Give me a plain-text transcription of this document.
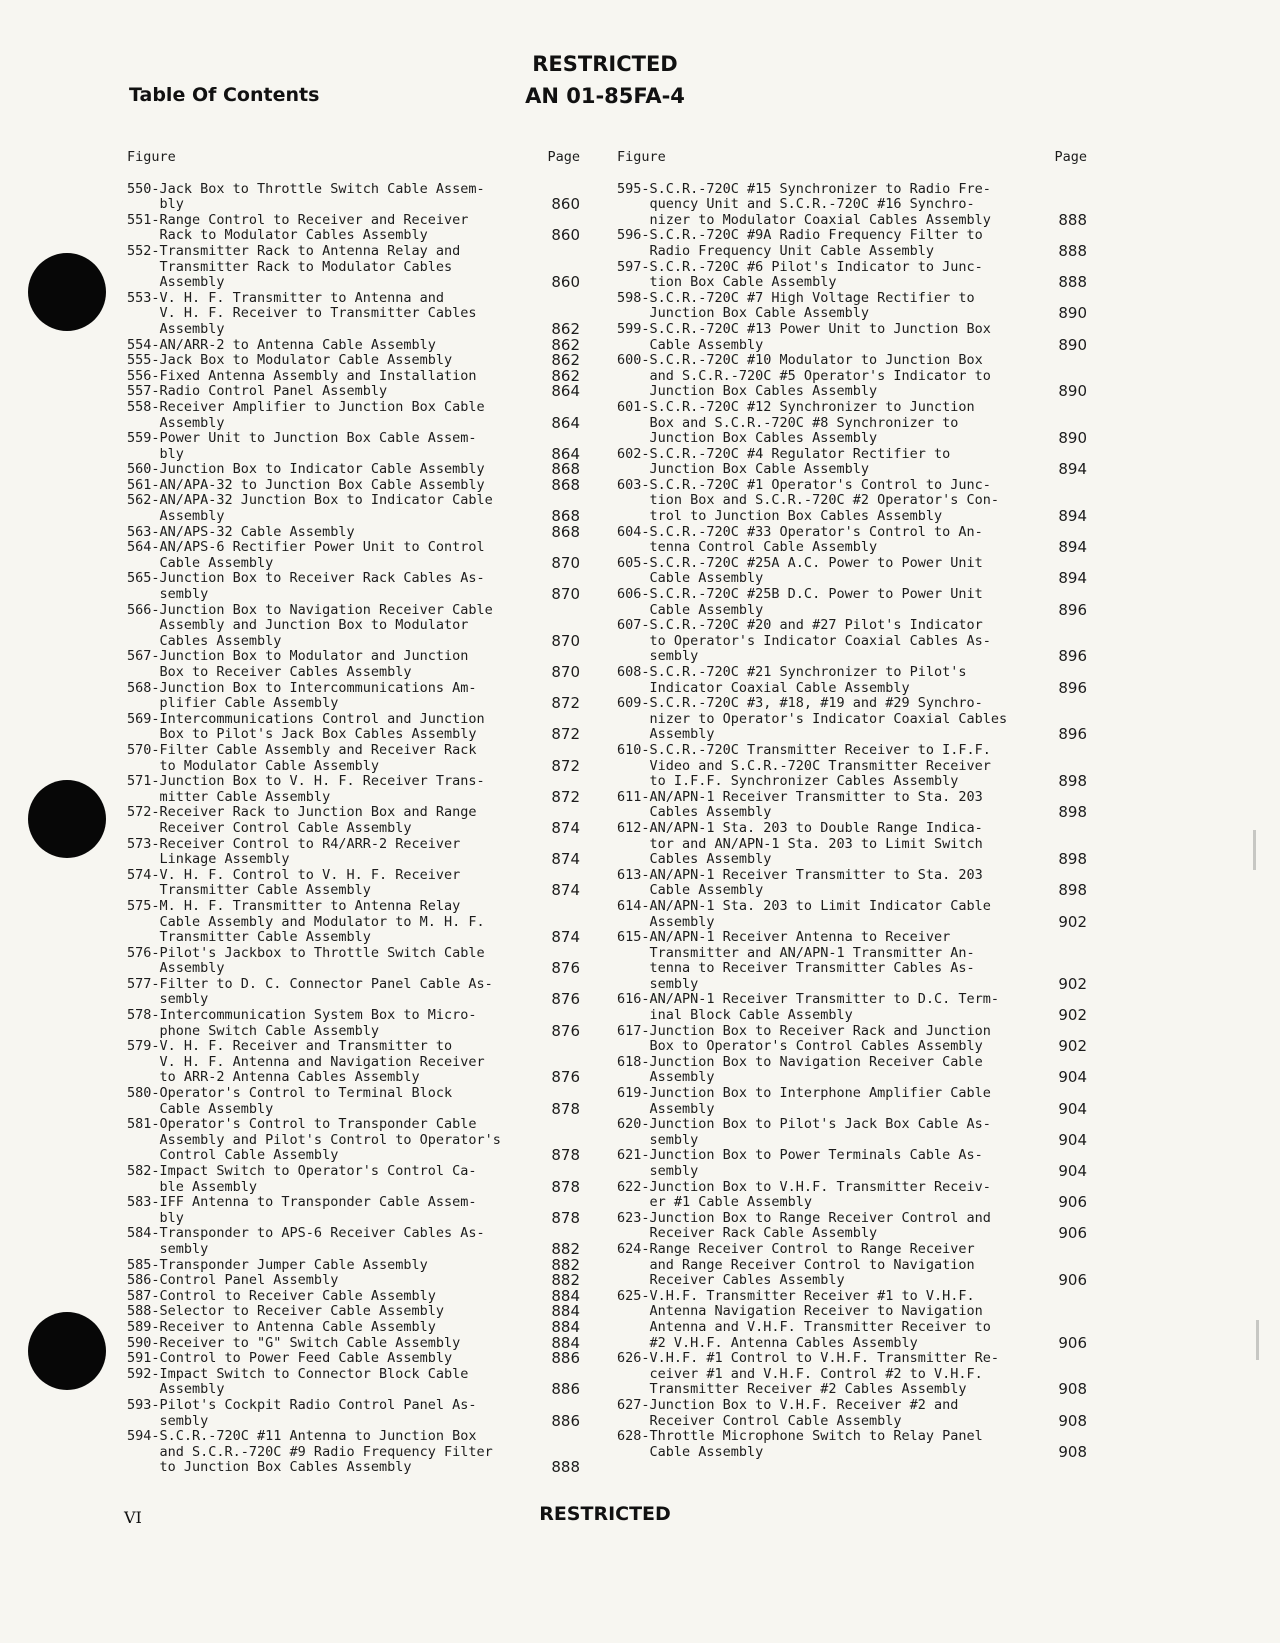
RESTRICTED
AN 01-85FA-4
Table Of Contents
Figure	Page
550-Jack Box to Throttle Switch Cable Assem-
bly	860
551-Range Control to Receiver and Receiver
Rack to Modulator Cables Assembly	860
552-Transmitter Rack to Antenna Relay and
Transmitter Rack to Modulator Cables
Assembly	860
553-V. H. F. Transmitter to Antenna and
V. H. F. Receiver to Transmitter Cables
Assembly	862
554-AN/ARR-2 to Antenna Cable Assembly	862
555-Jack Box to Modulator Cable Assembly	862
556-Fixed Antenna Assembly and Installation	862
557-Radio Control Panel Assembly	864
558-Receiver Amplifier to Junction Box Cable
Assembly	864
559-Power Unit to Junction Box Cable Assem-
bly	864
560-Junction Box to Indicator Cable Assembly	868
561-AN/APA-32 to Junction Box Cable Assembly	868
562-AN/APA-32 Junction Box to Indicator Cable
Assembly	868
563-AN/APS-32 Cable Assembly	868
564-AN/APS-6 Rectifier Power Unit to Control
Cable Assembly	870
565-Junction Box to Receiver Rack Cables As-
sembly	870
566-Junction Box to Navigation Receiver Cable
Assembly and Junction Box to Modulator
Cables Assembly	870
567-Junction Box to Modulator and Junction
Box to Receiver Cables Assembly	870
568-Junction Box to Intercommunications Am-
plifier Cable Assembly	872
569-Intercommunications Control and Junction
Box to Pilot's Jack Box Cables Assembly	872
570-Filter Cable Assembly and Receiver Rack
to Modulator Cable Assembly	872
571-Junction Box to V. H. F. Receiver Trans-
mitter Cable Assembly	872
572-Receiver Rack to Junction Box and Range
Receiver Control Cable Assembly	874
573-Receiver Control to R4/ARR-2 Receiver
Linkage Assembly	874
574-V. H. F. Control to V. H. F. Receiver
Transmitter Cable Assembly	874
575-M. H. F. Transmitter to Antenna Relay
Cable Assembly and Modulator to M. H. F.
Transmitter Cable Assembly	874
576-Pilot's Jackbox to Throttle Switch Cable
Assembly	876
577-Filter to D. C. Connector Panel Cable As-
sembly	876
578-Intercommunication System Box to Micro-
phone Switch Cable Assembly	876
579-V. H. F. Receiver and Transmitter to
V. H. F. Antenna and Navigation Receiver
to ARR-2 Antenna Cables Assembly	876
580-Operator's Control to Terminal Block
Cable Assembly	878
581-Operator's Control to Transponder Cable
Assembly and Pilot's Control to Operator's
Control Cable Assembly	878
582-Impact Switch to Operator's Control Ca-
ble Assembly	878
583-IFF Antenna to Transponder Cable Assem-
bly	878
584-Transponder to APS-6 Receiver Cables As-
sembly	882
585-Transponder Jumper Cable Assembly	882
586-Control Panel Assembly	882
587-Control to Receiver Cable Assembly	884
588-Selector to Receiver Cable Assembly	884
589-Receiver to Antenna Cable Assembly	884
590-Receiver to "G" Switch Cable Assembly	884
591-Control to Power Feed Cable Assembly	886
592-Impact Switch to Connector Block Cable
Assembly	886
593-Pilot's Cockpit Radio Control Panel As-
sembly	886
594-S.C.R.-720C #11 Antenna to Junction Box
and S.C.R.-720C #9 Radio Frequency Filter
to Junction Box Cables Assembly	888
Figure	Page
595-S.C.R.-720C #15 Synchronizer to Radio Fre-
quency Unit and S.C.R.-720C #16 Synchro-
nizer to Modulator Coaxial Cables Assembly	888
596-S.C.R.-720C #9A Radio Frequency Filter to
Radio Frequency Unit Cable Assembly	888
597-S.C.R.-720C #6 Pilot's Indicator to Junc-
tion Box Cable Assembly	888
598-S.C.R.-720C #7 High Voltage Rectifier to
Junction Box Cable Assembly	890
599-S.C.R.-720C #13 Power Unit to Junction Box
Cable Assembly	890
600-S.C.R.-720C #10 Modulator to Junction Box
and S.C.R.-720C #5 Operator's Indicator to
Junction Box Cables Assembly	890
601-S.C.R.-720C #12 Synchronizer to Junction
Box and S.C.R.-720C #8 Synchronizer to
Junction Box Cables Assembly	890
602-S.C.R.-720C #4 Regulator Rectifier to
Junction Box Cable Assembly	894
603-S.C.R.-720C #1 Operator's Control to Junc-
tion Box and S.C.R.-720C #2 Operator's Con-
trol to Junction Box Cables Assembly	894
604-S.C.R.-720C #33 Operator's Control to An-
tenna Control Cable Assembly	894
605-S.C.R.-720C #25A A.C. Power to Power Unit
Cable Assembly	894
606-S.C.R.-720C #25B D.C. Power to Power Unit
Cable Assembly	896
607-S.C.R.-720C #20 and #27 Pilot's Indicator
to Operator's Indicator Coaxial Cables As-
sembly	896
608-S.C.R.-720C #21 Synchronizer to Pilot's
Indicator Coaxial Cable Assembly	896
609-S.C.R.-720C #3, #18, #19 and #29 Synchro-
nizer to Operator's Indicator Coaxial Cables
Assembly	896
610-S.C.R.-720C Transmitter Receiver to I.F.F.
Video and S.C.R.-720C Transmitter Receiver
to I.F.F. Synchronizer Cables Assembly	898
611-AN/APN-1 Receiver Transmitter to Sta. 203
Cables Assembly	898
612-AN/APN-1 Sta. 203 to Double Range Indica-
tor and AN/APN-1 Sta. 203 to Limit Switch
Cables Assembly	898
613-AN/APN-1 Receiver Transmitter to Sta. 203
Cable Assembly	898
614-AN/APN-1 Sta. 203 to Limit Indicator Cable
Assembly	902
615-AN/APN-1 Receiver Antenna to Receiver
Transmitter and AN/APN-1 Transmitter An-
tenna to Receiver Transmitter Cables As-
sembly	902
616-AN/APN-1 Receiver Transmitter to D.C. Term-
inal Block Cable Assembly	902
617-Junction Box to Receiver Rack and Junction
Box to Operator's Control Cables Assembly	902
618-Junction Box to Navigation Receiver Cable
Assembly	904
619-Junction Box to Interphone Amplifier Cable
Assembly	904
620-Junction Box to Pilot's Jack Box Cable As-
sembly	904
621-Junction Box to Power Terminals Cable As-
sembly	904
622-Junction Box to V.H.F. Transmitter Receiv-
er #1 Cable Assembly	906
623-Junction Box to Range Receiver Control and
Receiver Rack Cable Assembly	906
624-Range Receiver Control to Range Receiver
and Range Receiver Control to Navigation
Receiver Cables Assembly	906
625-V.H.F. Transmitter Receiver #1 to V.H.F.
Antenna Navigation Receiver to Navigation
Antenna and V.H.F. Transmitter Receiver to
#2 V.H.F. Antenna Cables Assembly	906
626-V.H.F. #1 Control to V.H.F. Transmitter Re-
ceiver #1 and V.H.F. Control #2 to V.H.F.
Transmitter Receiver #2 Cables Assembly	908
627-Junction Box to V.H.F. Receiver #2 and
Receiver Control Cable Assembly	908
628-Throttle Microphone Switch to Relay Panel
Cable Assembly	908
VI	RESTRICTED
